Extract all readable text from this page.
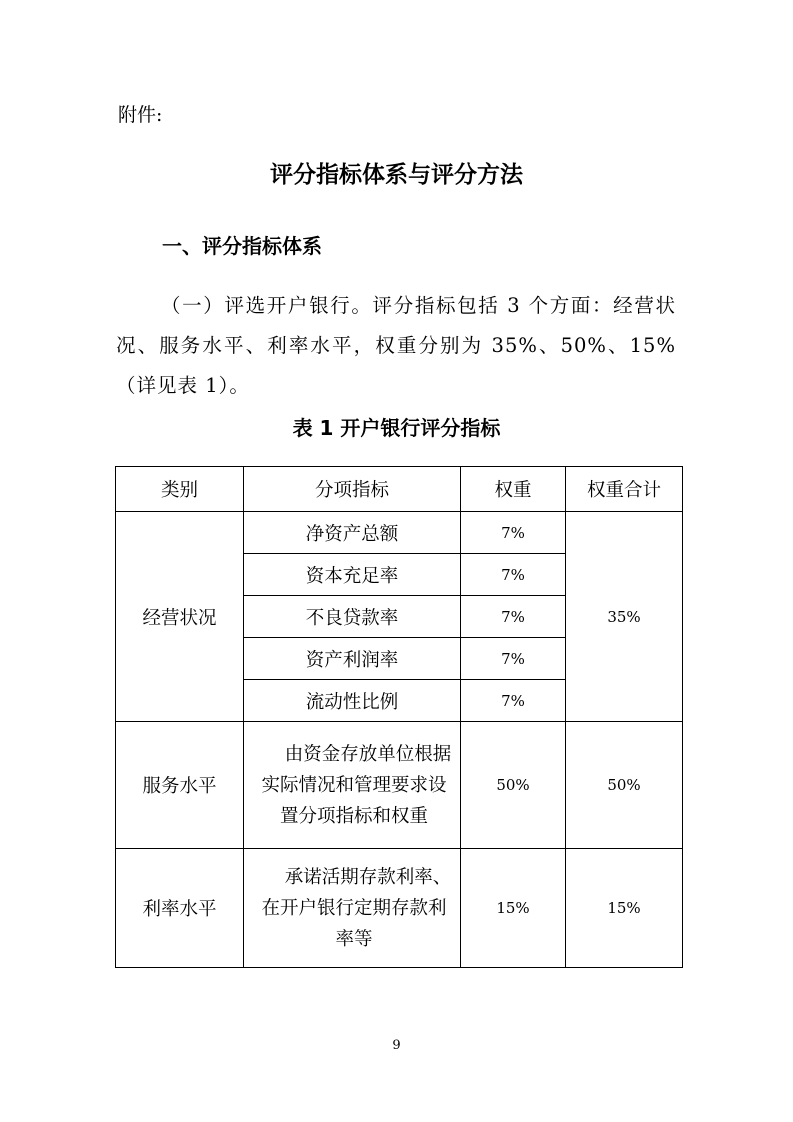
附件:
评分指标体系与评分方法
一、评分指标体系
（一）评选开户银行。评分指标包括 3 个方面：经营状况、服务水平、利率水平，权重分别为 35%、50%、15%（详见表 1）。
表 1 开户银行评分指标
类别	分项指标	权重	权重合计
经营状况	净资产总额	7%	35%
	资本充足率	7%	
	不良贷款率	7%	
	资产利润率	7%	
	流动性比例	7%	
服务水平	由资金存放单位根据实际情况和管理要求设置分项指标和权重	50%	50%
利率水平	承诺活期存款利率、在开户银行定期存款利率等	15%	15%
9
